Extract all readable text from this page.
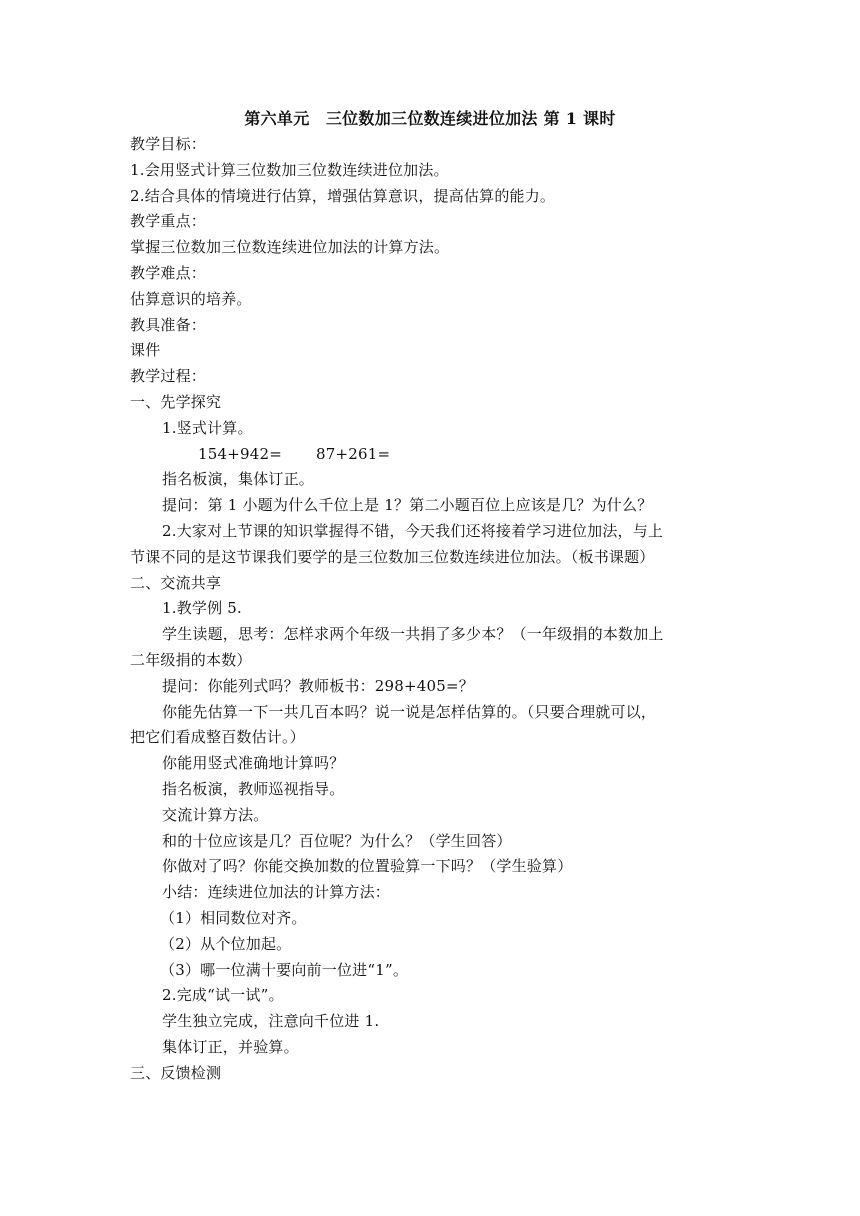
第六单元　三位数加三位数连续进位加法 第 1 课时
教学目标：
1.会用竖式计算三位数加三位数连续进位加法。
2.结合具体的情境进行估算，增强估算意识，提高估算的能力。
教学重点：
掌握三位数加三位数连续进位加法的计算方法。
教学难点：
估算意识的培养。
教具准备：
课件
教学过程：
一、先学探究
1.竖式计算。
154+942= 87+261=
指名板演，集体订正。
提问：第 1 小题为什么千位上是 1？第二小题百位上应该是几？为什么？
2.大家对上节课的知识掌握得不错，今天我们还将接着学习进位加法，与上
节课不同的是这节课我们要学的是三位数加三位数连续进位加法。（板书课题）
二、交流共享
1.教学例 5.
学生读题，思考：怎样求两个年级一共捐了多少本？（一年级捐的本数加上
二年级捐的本数）
提问：你能列式吗？教师板书：298+405=？
你能先估算一下一共几百本吗？说一说是怎样估算的。（只要合理就可以，
把它们看成整百数估计。）
你能用竖式准确地计算吗？
指名板演，教师巡视指导。
交流计算方法。
和的十位应该是几？百位呢？为什么？（学生回答）
你做对了吗？你能交换加数的位置验算一下吗？（学生验算）
小结：连续进位加法的计算方法：
（1）相同数位对齐。
（2）从个位加起。
（3）哪一位满十要向前一位进“1”。
2.完成“试一试”。
学生独立完成，注意向千位进 1.
集体订正，并验算。
三、反馈检测
